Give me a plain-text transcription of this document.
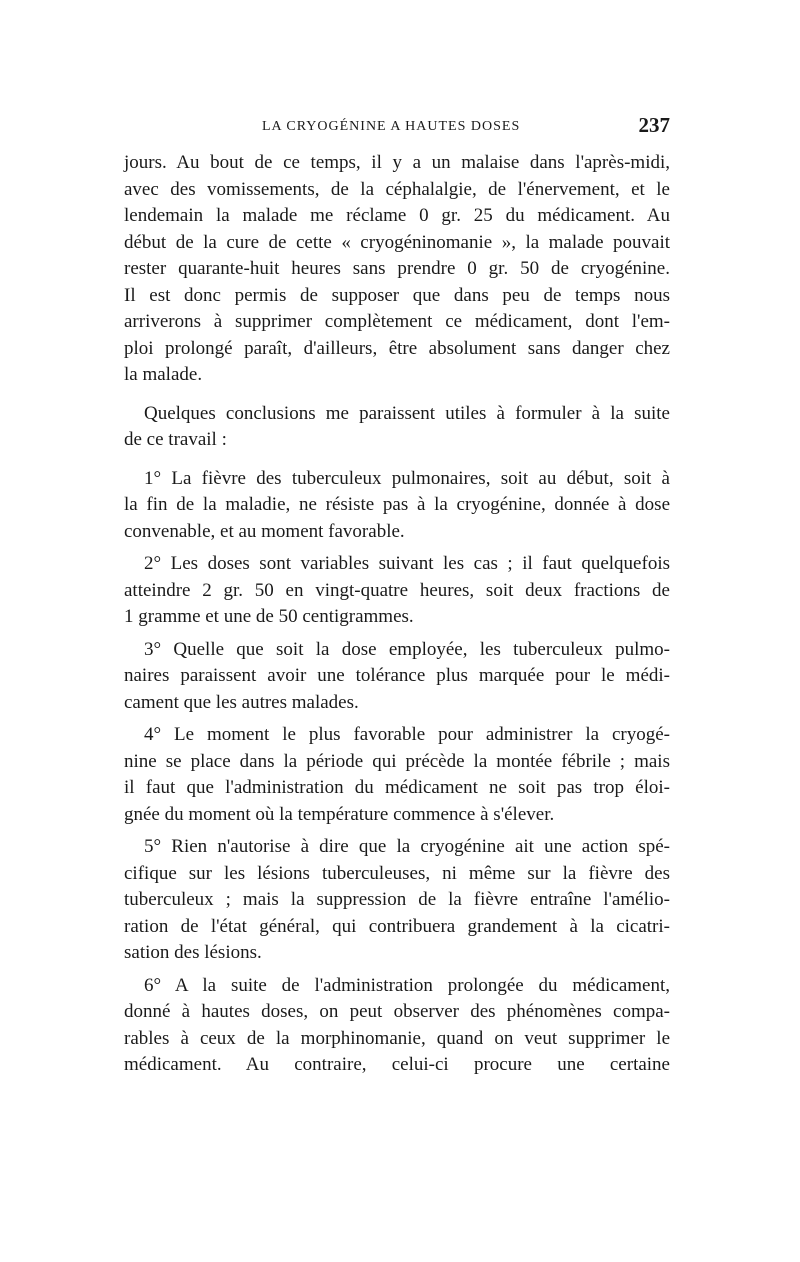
LA CRYOGÉNINE A HAUTES DOSES	237

jours. Au bout de ce temps, il y a un malaise dans l'après-midi,
avec des vomissements, de la céphalalgie, de l'énervement, et le
lendemain la malade me réclame 0 gr. 25 du médicament. Au
début de la cure de cette « cryogéninomanie », la malade pouvait
rester quarante-huit heures sans prendre 0 gr. 50 de cryogénine.
Il est donc permis de supposer que dans peu de temps nous
arriverons à supprimer complètement ce médicament, dont l'em-
ploi prolongé paraît, d'ailleurs, être absolument sans danger chez
la malade.

Quelques conclusions me paraissent utiles à formuler à la suite
de ce travail :

1° La fièvre des tuberculeux pulmonaires, soit au début, soit à
la fin de la maladie, ne résiste pas à la cryogénine, donnée à dose
convenable, et au moment favorable.

2° Les doses sont variables suivant les cas ; il faut quelquefois
atteindre 2 gr. 50 en vingt-quatre heures, soit deux fractions de
1 gramme et une de 50 centigrammes.

3° Quelle que soit la dose employée, les tuberculeux pulmo-
naires paraissent avoir une tolérance plus marquée pour le médi-
cament que les autres malades.

4° Le moment le plus favorable pour administrer la cryogé-
nine se place dans la période qui précède la montée fébrile ; mais
il faut que l'administration du médicament ne soit pas trop éloi-
gnée du moment où la température commence à s'élever.

5° Rien n'autorise à dire que la cryogénine ait une action spé-
cifique sur les lésions tuberculeuses, ni même sur la fièvre des
tuberculeux ; mais la suppression de la fièvre entraîne l'amélio-
ration de l'état général, qui contribuera grandement à la cicatri-
sation des lésions.

6° A la suite de l'administration prolongée du médicament,
donné à hautes doses, on peut observer des phénomènes compa-
rables à ceux de la morphinomanie, quand on veut supprimer le
médicament. Au contraire, celui-ci procure une certaine
